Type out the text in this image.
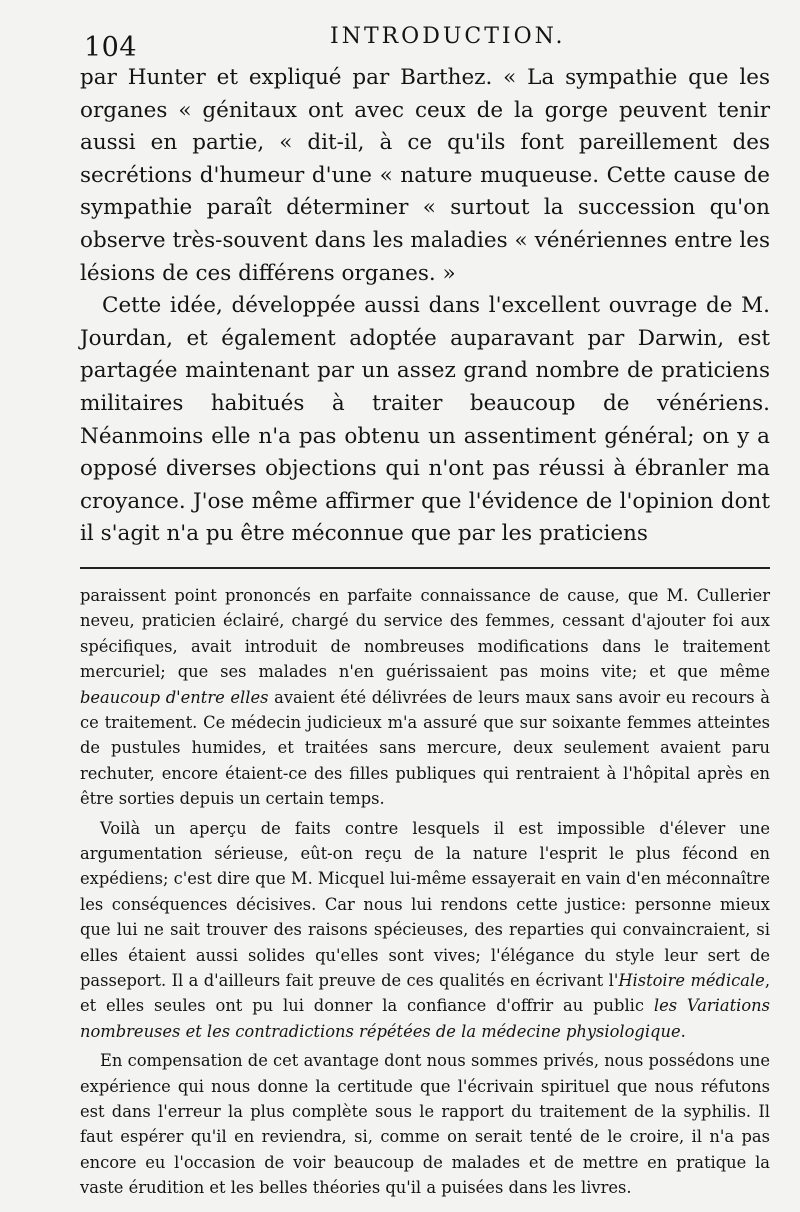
104	INTRODUCTION.

par Hunter et expliqué par Barthez. « La sympathie que les organes « génitaux ont avec ceux de la gorge peuvent tenir aussi en partie, « dit-il, à ce qu'ils font pareillement des secrétions d'humeur d'une « nature muqueuse. Cette cause de sympathie paraît déterminer « surtout la succession qu'on observe très-souvent dans les maladies « vénériennes entre les lésions de ces différens organes. »

Cette idée, développée aussi dans l'excellent ouvrage de M. Jourdan, et également adoptée auparavant par Darwin, est partagée maintenant par un assez grand nombre de praticiens militaires habitués à traiter beaucoup de vénériens. Néanmoins elle n'a pas obtenu un assentiment général; on y a opposé diverses objections qui n'ont pas réussi à ébranler ma croyance. J'ose même affirmer que l'évidence de l'opinion dont il s'agit n'a pu être méconnue que par les praticiens

paraissent point prononcés en parfaite connaissance de cause, que M. Cullerier neveu, praticien éclairé, chargé du service des femmes, cessant d'ajouter foi aux spécifiques, avait introduit de nombreuses modifications dans le traitement mercuriel; que ses malades n'en guérissaient pas moins vite; et que même beaucoup d'entre elles avaient été délivrées de leurs maux sans avoir eu recours à ce traitement. Ce médecin judicieux m'a assuré que sur soixante femmes atteintes de pustules humides, et traitées sans mercure, deux seulement avaient paru rechuter, encore étaient-ce des filles publiques qui rentraient à l'hôpital après en être sorties depuis un certain temps.

Voilà un aperçu de faits contre lesquels il est impossible d'élever une argumentation sérieuse, eût-on reçu de la nature l'esprit le plus fécond en expédiens; c'est dire que M. Micquel lui-même essayerait en vain d'en méconnaître les conséquences décisives. Car nous lui rendons cette justice: personne mieux que lui ne sait trouver des raisons spécieuses, des reparties qui convaincraient, si elles étaient aussi solides qu'elles sont vives; l'élégance du style leur sert de passeport. Il a d'ailleurs fait preuve de ces qualités en écrivant l'Histoire médicale, et elles seules ont pu lui donner la confiance d'offrir au public les Variations nombreuses et les contradictions répétées de la médecine physiologique.

En compensation de cet avantage dont nous sommes privés, nous possédons une expérience qui nous donne la certitude que l'écrivain spirituel que nous réfutons est dans l'erreur la plus complète sous le rapport du traitement de la syphilis. Il faut espérer qu'il en reviendra, si, comme on serait tenté de le croire, il n'a pas encore eu l'occasion de voir beaucoup de malades et de mettre en pratique la vaste érudition et les belles théories qu'il a puisées dans les livres.
